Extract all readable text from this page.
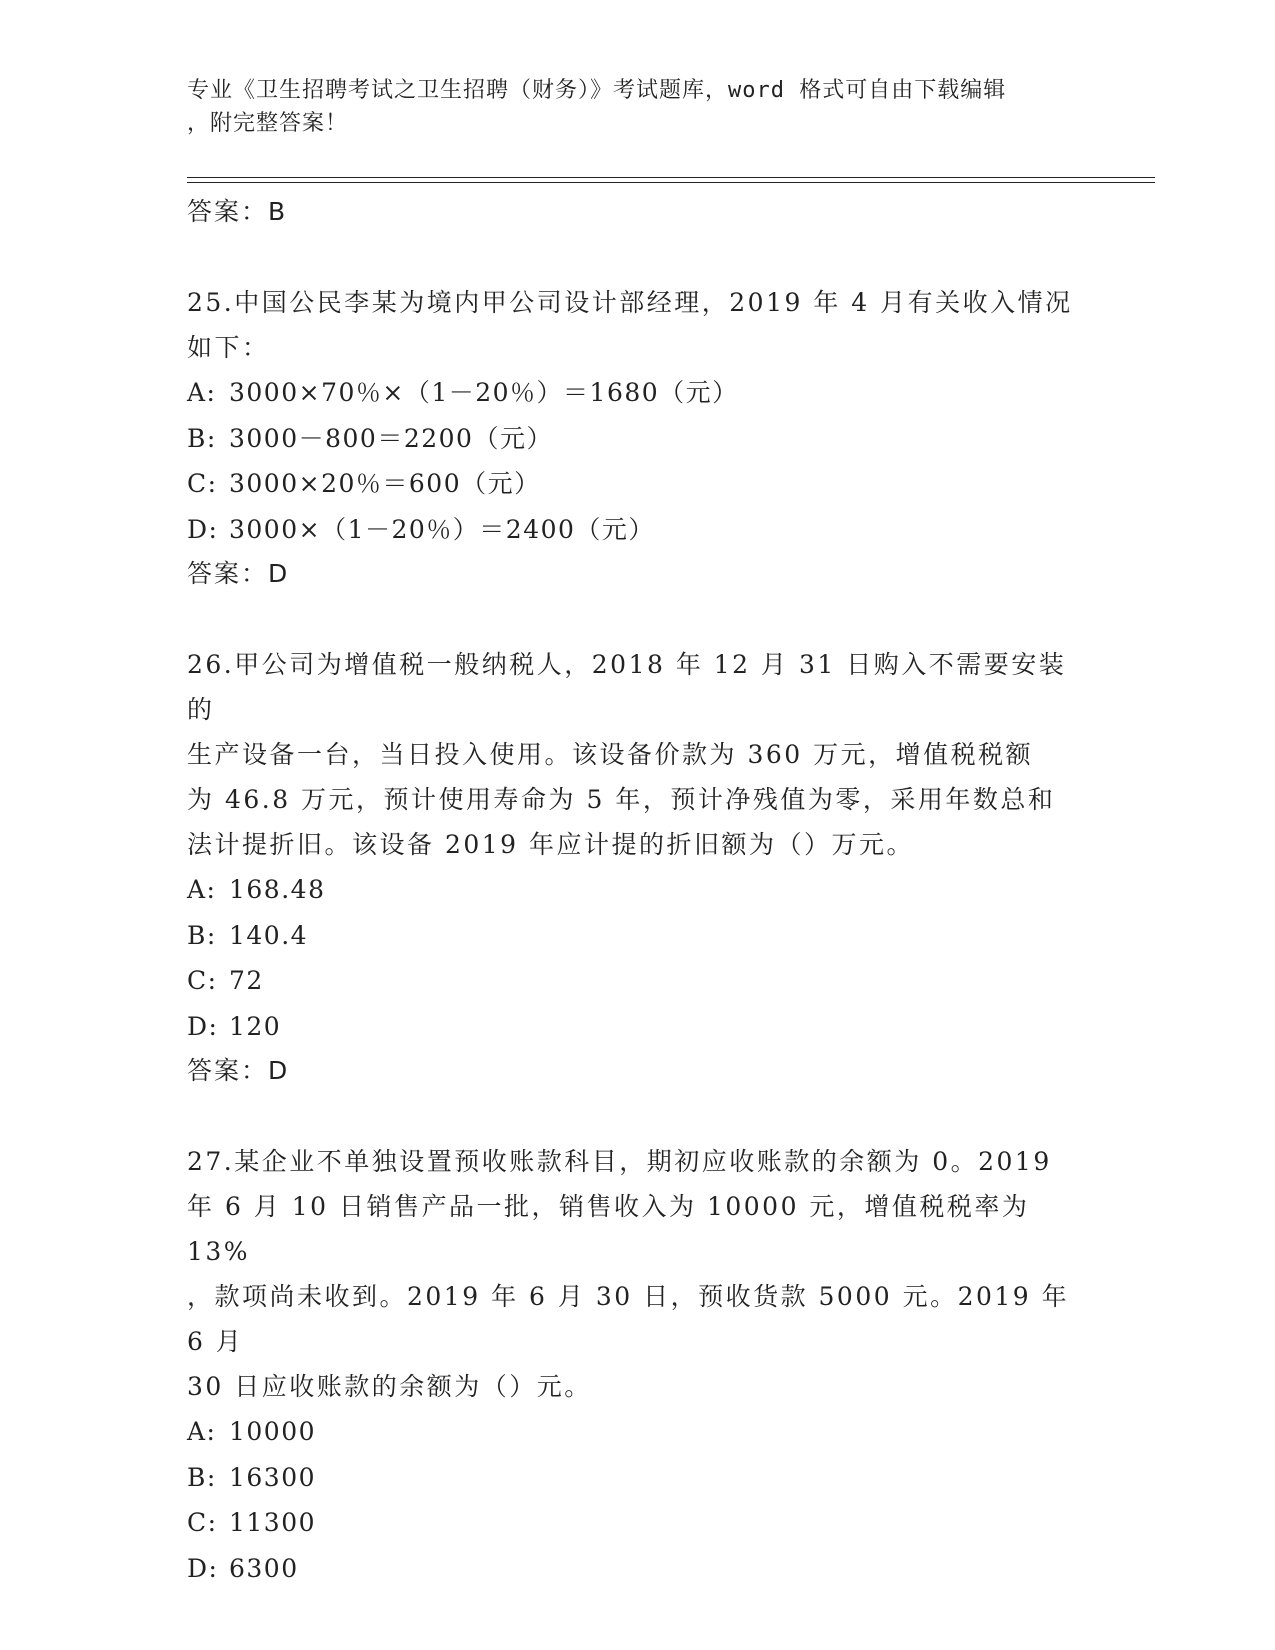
专业《卫生招聘考试之卫生招聘（财务）》考试题库，word 格式可自由下载编辑
，附完整答案！
答案：B
25.中国公民李某为境内甲公司设计部经理，2019 年 4 月有关收入情况
如下：
A: 3000×70％×（1－20％）＝1680（元）
B: 3000－800＝2200（元）
C: 3000×20％＝600（元）
D: 3000×（1－20％）＝2400（元）
答案：D
26.甲公司为增值税一般纳税人，2018 年 12 月 31 日购入不需要安装的
生产设备一台，当日投入使用。该设备价款为 360 万元，增值税税额
为 46.8 万元，预计使用寿命为 5 年，预计净残值为零，采用年数总和
法计提折旧。该设备 2019 年应计提的折旧额为（）万元。
A: 168.48
B: 140.4
C: 72
D: 120
答案：D
27.某企业不单独设置预收账款科目，期初应收账款的余额为 0。2019
年 6 月 10 日销售产品一批，销售收入为 10000 元，增值税税率为 13%
，款项尚未收到。2019 年 6 月 30 日，预收货款 5000 元。2019 年 6 月
30 日应收账款的余额为（）元。
A: 10000
B: 16300
C: 11300
D: 6300
